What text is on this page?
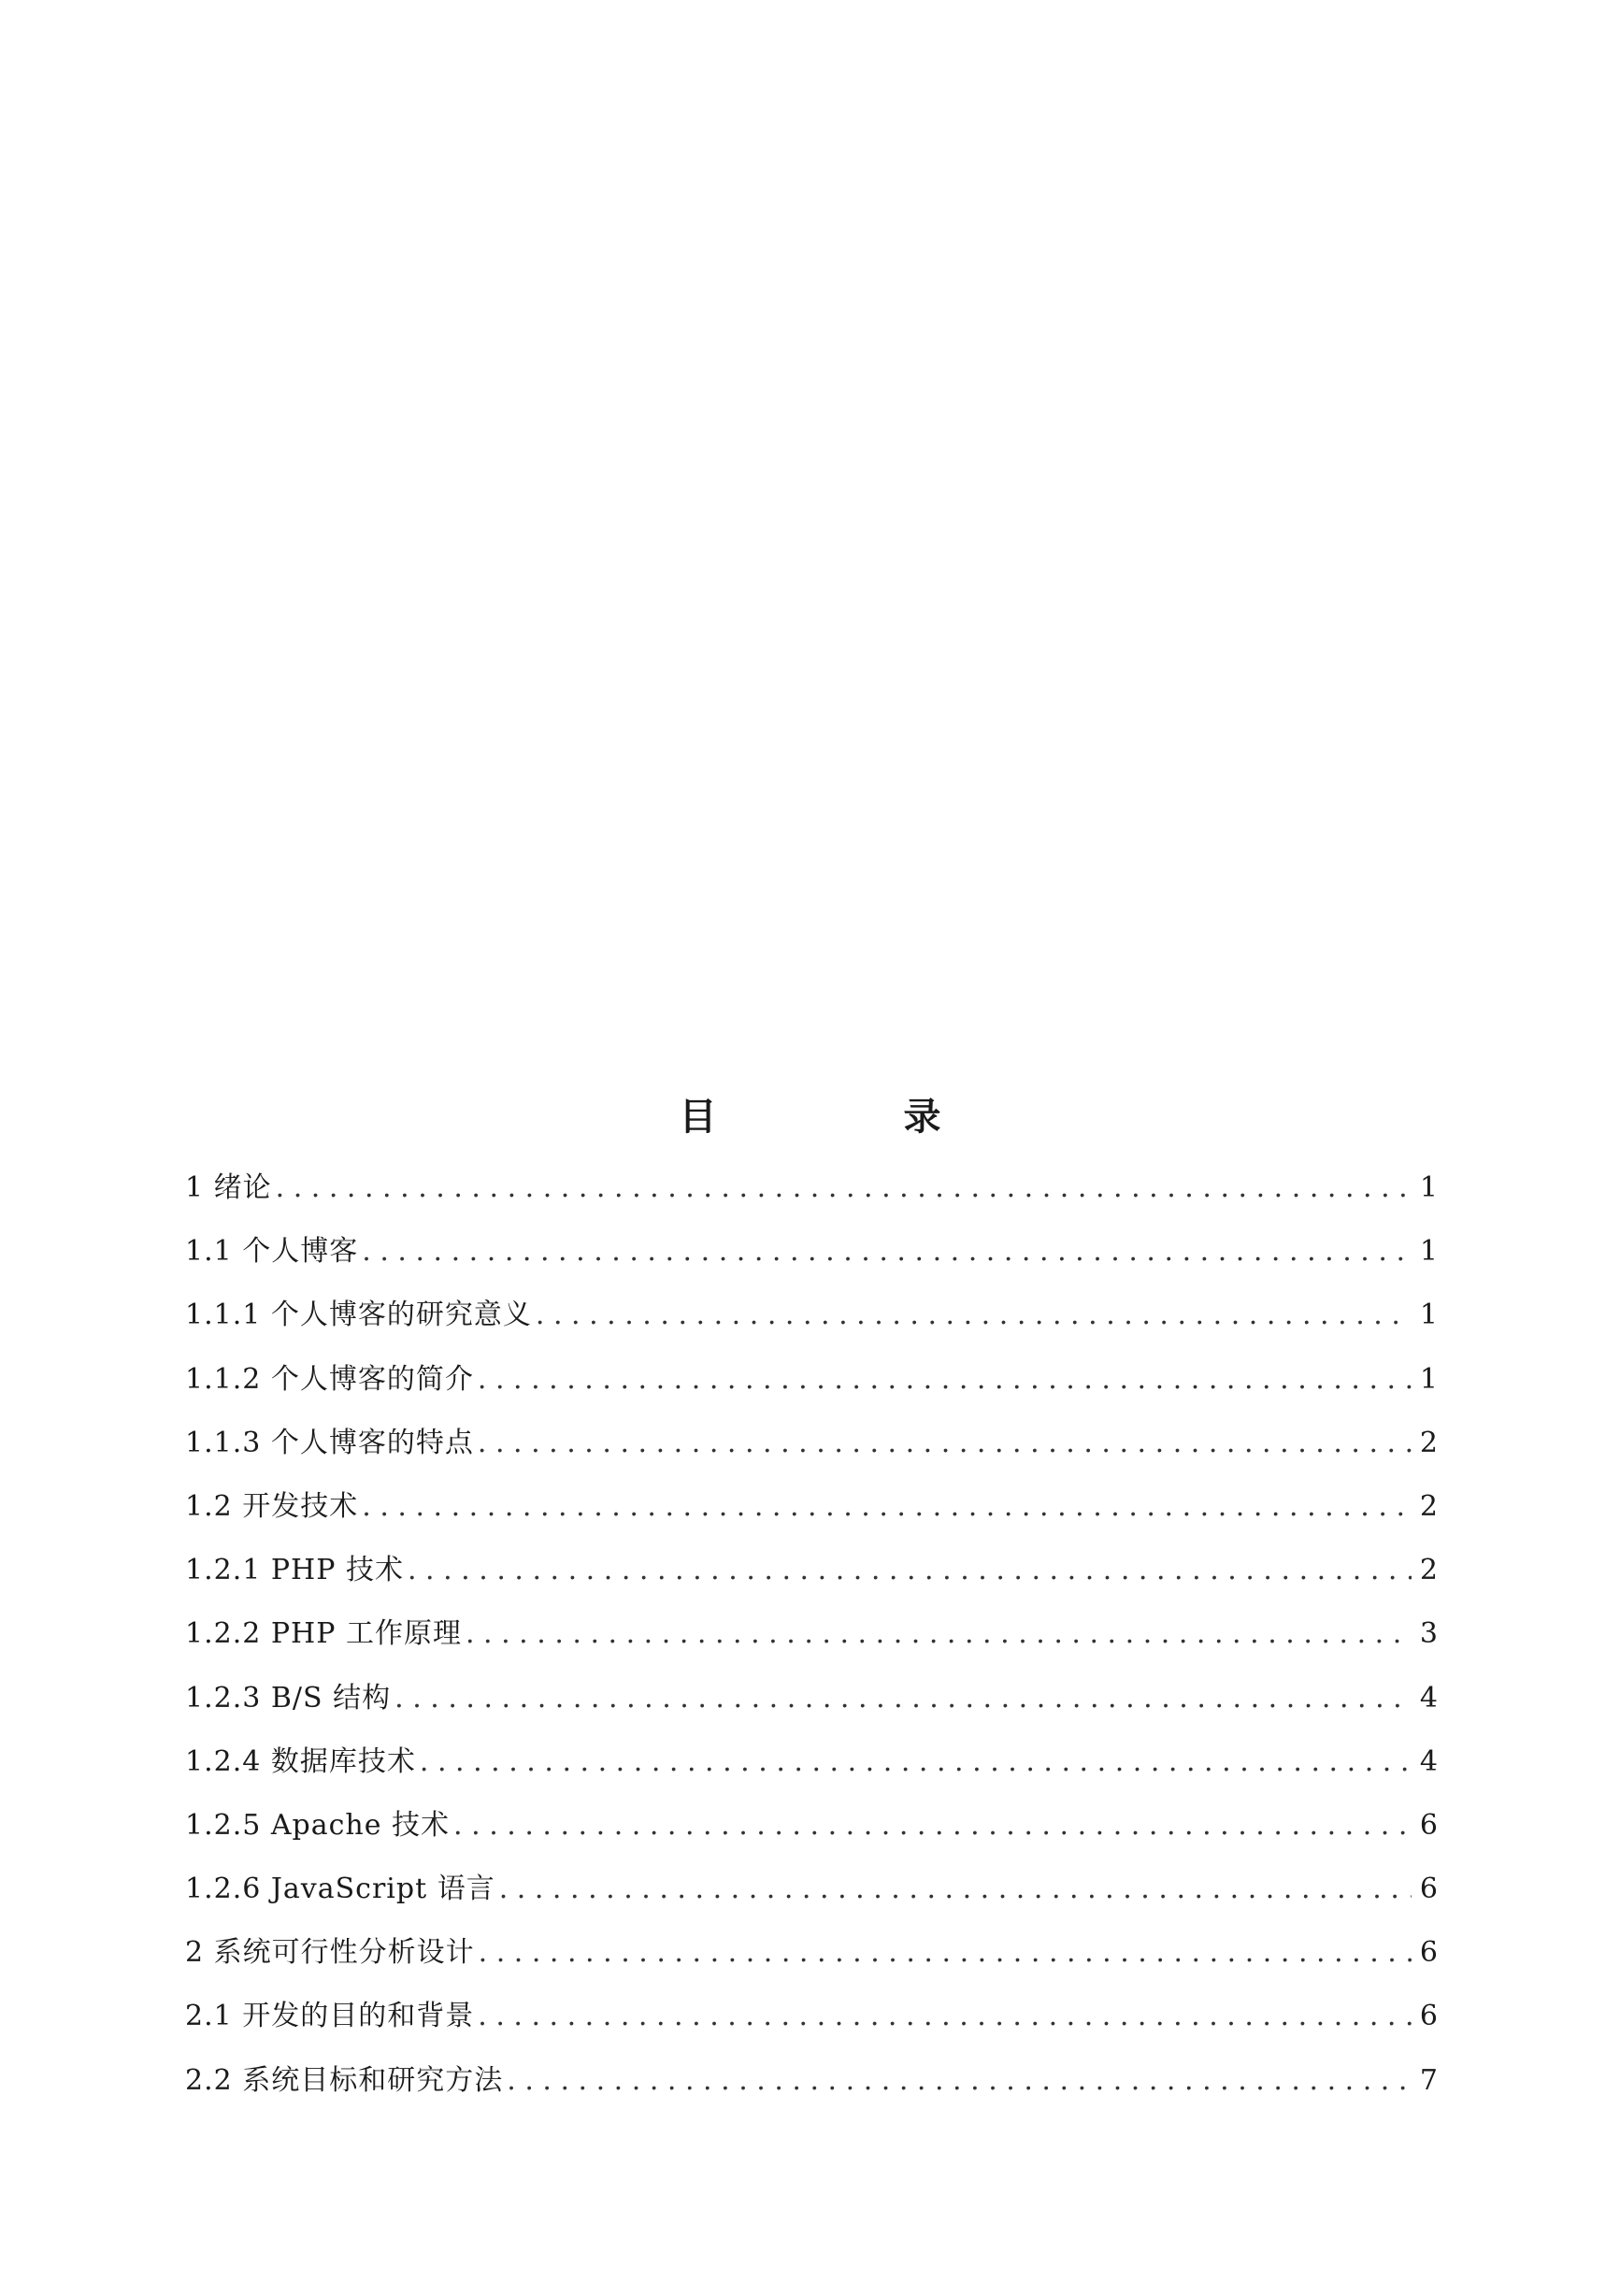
目　录
1 绪论 . . .	1
1.1 个人博客 . . .	1
1.1.1 个人博客的研究意义 . . .	1
1.1.2 个人博客的简介 . . .	1
1.1.3 个人博客的特点 . . .	2
1.2 开发技术 . . .	2
1.2.1 PHP 技术 . . .	2
1.2.2 PHP 工作原理 . . .	3
1.2.3 B/S 结构 . . .	4
1.2.4 数据库技术 . . .	4
1.2.5 Apache 技术 . . .	6
1.2.6 JavaScript 语言 . . .	6
2 系统可行性分析设计 . . .	6
2.1 开发的目的和背景 . . .	6
2.2 系统目标和研究方法 . . .	7
